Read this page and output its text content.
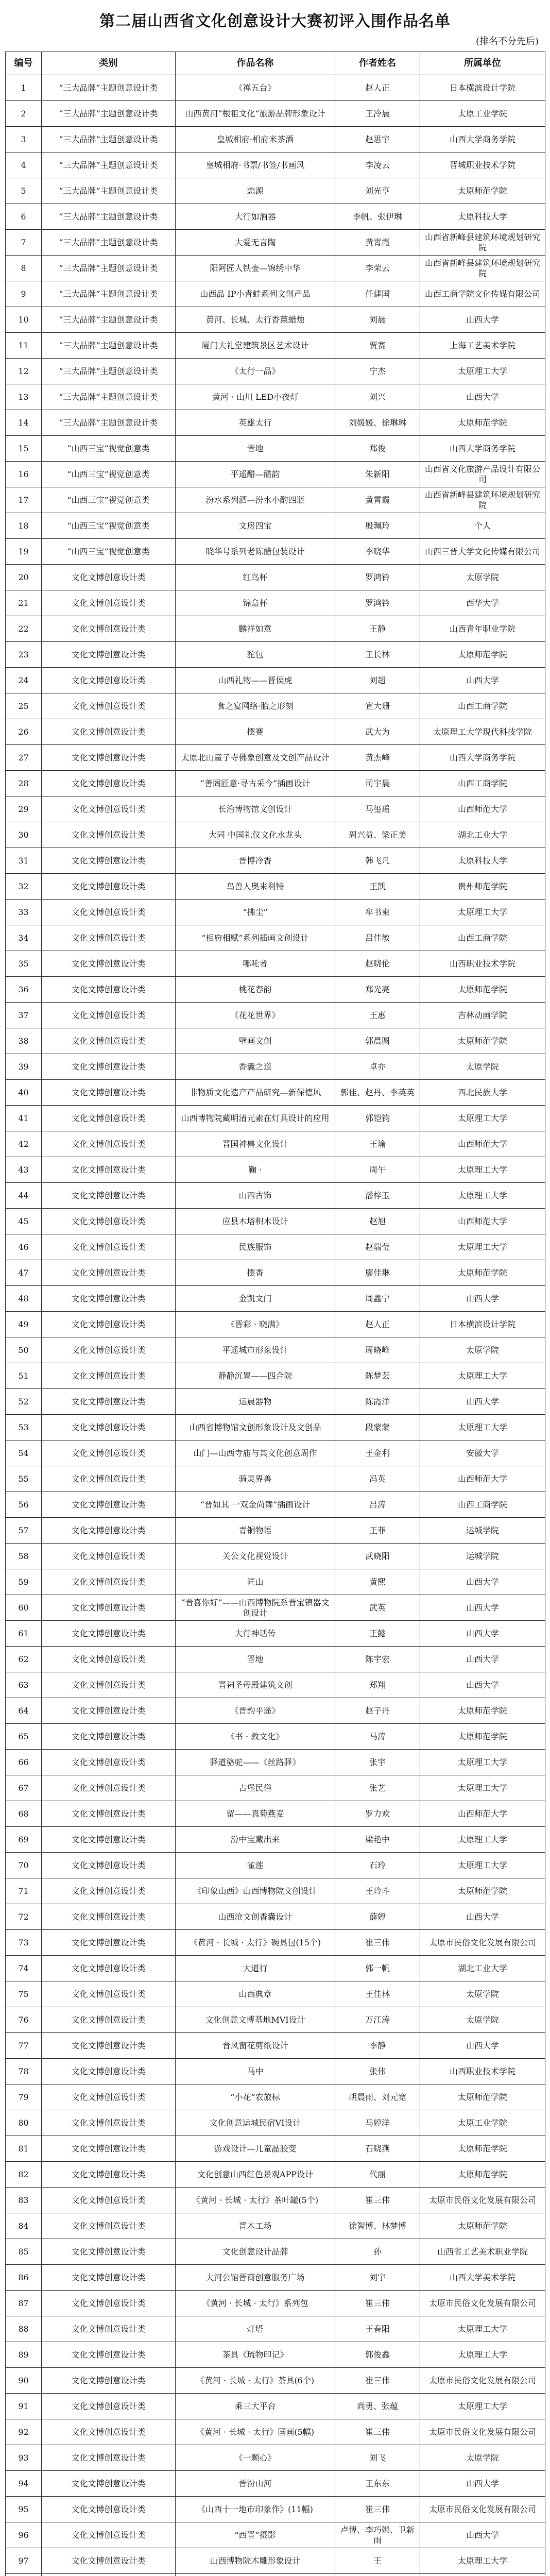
第二届山西省文化创意设计大赛初评入围作品名单
(排名不分先后)
编号	类别	作品名称	作者姓名	所属单位
1	“三大品牌”主题创意设计类	《禅五台》	赵人正	日本横滨设计学院
2	“三大品牌”主题创意设计类	山西黄河“根祖文化”旅游品牌形象设计	王冷晨	太原工业学院
3	“三大品牌”主题创意设计类	皇城相府·相府米茶酒	赵思宇	山西大学商务学院
4	“三大品牌”主题创意设计类	皇城相府·书票/书签/书画风	李凌云	晋城职业技术学院
5	“三大品牌”主题创意设计类	恋源	刘光亨	太原师范学院
6	“三大品牌”主题创意设计类	大行如酒器	李帆、张伊琳	太原科技大学
7	“三大品牌”主题创意设计类	大爱无言陶	黄霄霞	山西省新峰县建筑环境规划研究院
8	“三大品牌”主题创意设计类	阳阿匠人铁壶—锦绣中华	李荣云	山西省新峰县建筑环境规划研究院
9	“三大品牌”主题创意设计类	山西品 IP小青蛙系列文创产品	任建国	山西工商学院文化传媒有限公司
10	“三大品牌”主题创意设计类	黄河、长城、太行香薰蜡烛	刘晨	山西大学
11	“三大品牌”主题创意设计类	厦门大礼堂建筑景区艺术设计	贾赛	上海工艺美术学院
12	“三大品牌”主题创意设计类	《太行一品》	宁杰	太原理工大学
13	“三大品牌”主题创意设计类	黄河 · 山川 LED小夜灯	刘兴	山西大学
14	“三大品牌”主题创意设计类	英雄太行	刘媛媛、徐琳琳	太原师范学院
15	“山西三宝”视觉创意类	晋地	郑俊	山西大学商务学院
16	“山西三宝”视觉创意类	平遥醋—醋韵	朱新阳	山西省文化旅游产品设计有限公司
17	“山西三宝”视觉创意类	汾水系列酒—汾水小酌四瓶	黄霄霞	山西省新峰县建筑环境规划研究院
18	“山西三宝”视觉创意类	文房四宝	殷珮玲	个人
19	“山西三宝”视觉创意类	晓华号系列老陈醋包装设计	李晓华	山西三晋大学文化传媒有限公司
20	文化文博创意设计类	红鸟杯	罗鸿钤	太原学院
21	文化文博创意设计类	锦盒杯	罗鸿钤	西华大学
22	文化文博创意设计类	麟祥如意	王静	山西青年职业学院
23	文化文博创意设计类	驼包	王长林	太原师范学院
24	文化文博创意设计类	山西礼物——晋侯虎	刘超	山西大学
25	文化文博创意设计类	食之宴网络·胎之形刻	宣大珊	山西工商学院
26	文化文博创意设计类	摆赛	武大为	太原理工大学现代科技学院
27	文化文博创意设计类	太原北山童子寺佛象创意及文创产品设计	黄杰峰	山西大学商务学院
28	文化文博创意设计类	“善阁匠意·寻古采今”插画设计	司宇晨	山西工商学院
29	文化文博创意设计类	长治博物馆文创设计	马玺瑶	山西师范大学
30	文化文博创意设计类	大同 中国礼仪文化水龙头	周兴益、梁正美	湖北工业大学
31	文化文博创意设计类	晋博冷香	韩飞凡	太原科技大学
32	文化文博创意设计类	鸟兽人奥来利特	王凯	贵州师范学院
33	文化文博创意设计类	“拂尘”	牟书柬	太原理工大学
34	文化文博创意设计类	“相府相赋”系列插画文创设计	吕佳敏	山西工商学院
35	文化文博创意设计类	哪吒者	赵晓伦	山西职业技术学院
36	文化文博创意设计类	桃花春韵	郑光亮	太原师范学院
37	文化文博创意设计类	《花花世界》	王惠	吉林动画学院
38	文化文博创意设计类	壁画文创	郭晨圆	太原师范学院
39	文化文博创意设计类	香囊之道	卓亦	太原学院
40	文化文博创意设计类	非物质文化遗产产品研究—新保德风	郭佳、赵丹、李英英	西北民族大学
41	文化文博创意设计类	山西博物院藏明清元素在灯具设计的应用	郭铠钧	太原理工大学
42	文化文博创意设计类	晋国神兽文化设计	王瑜	山西师范大学
43	文化文博创意设计类	鞠 ·	周午	太原理工大学
44	文化文博创意设计类	山西古饰	潘梓玉	太原理工大学
45	文化文博创意设计类	应县木塔积木设计	赵旭	山西师范大学
46	文化文博创意设计类	民族服饰	赵瑞莹	太原理工大学
47	文化文博创意设计类	摆香	廖佳琳	太原师范学院
48	文化文博创意设计类	金凯文门	周鑫宁	山西大学
49	文化文博创意设计类	《晋彩 · 晓满》	赵人正	日本横滨设计学院
50	文化文博创意设计类	平遥城市形象设计	周晓峰	太原学院
51	文化文博创意设计类	静静沉置——四合院	陈梦芸	太原理工大学
52	文化文博创意设计类	运晨器物	陈霞洋	山西大学
53	文化文博创意设计类	山西省博物馆文创形象设计及文创品	段蒙蒙	太原理工大学
54	文化文博创意设计类	山门—山西寺庙与其文化创意周作	王金利	安徽大学
55	文化文博创意设计类	骑灵界兽	冯英	山西师范大学
56	文化文博创意设计类	“晋如其 一双金尚舞”插画设计	吕涛	山西工商学院
57	文化文博创意设计类	青铜物语	王菲	运城学院
58	文化文博创意设计类	关公文化视觉设计	武晓阳	运城学院
59	文化文博创意设计类	匠山	黄熙	山西大学
60	文化文博创意设计类	“晋喜你好”——山西博物院系晋宝镇器文创设计	武英	山西大学
61	文化文博创意设计类	大行神话传	王懿	山西大学
62	文化文博创意设计类	晋地	陈宇宏	山西大学
63	文化文博创意设计类	晋祠圣母殿建筑文创	郑翔	山西大学
64	文化文博创意设计类	《晋韵平遥》	赵子丹	太原师范学院
65	文化文博创意设计类	《书 · 敦文化》	马涛	太原师范学院
66	文化文博创意设计类	驿道骆驼——《丝路驿》	张宇	太原理工大学
67	文化文博创意设计类	古堡民俗	张艺	太原理工大学
68	文化文博创意设计类	留——真菊燕麦	罗力欢	山西师范大学
69	文化文博创意设计类	汾中宝藏出来	梁艳中	太原理工大学
70	文化文博创意设计类	雀莲	石玲	太原理工大学
71	文化文博创意设计类	《印象山西》山西博物院文创设计	王玲斗	太原师范学院
72	文化文博创意设计类	山西沧文创香囊设计	薛婷	山西大学
73	文化文博创意设计类	《黄河 · 长城 · 太行》碗具包(15个)	崔三伟	太原市民俗文化发展有限公司
74	文化文博创意设计类	大道行	郭一帆	湖北工业大学
75	文化文博创意设计类	山西典章	王佳林	太原学院
76	文化文博创意设计类	文化创意文博基地MVI设计	万江涛	太原学院
77	文化文博创意设计类	晋风窗花剪纸设计	李静	山西大学
78	文化文博创意设计类	马中	张伟	山西职业技术学院
79	文化文博创意设计类	“小花”农旅标	胡晨雨、刘元宽	太原师范学院
80	文化文博创意设计类	文化创意运城民宿VI设计	马婷洋	太原工业学院
81	文化文博创意设计类	游戏设计—儿童晶胶变	石晓燕	太原师范学院
82	文化文博创意设计类	文化创意山西红色景观APP设计	代丽	太原师范学院
83	文化文博创意设计类	《黄河 · 长城 · 太行》茶叶罐(5个)	崔三伟	太原市民俗文化发展有限公司
84	文化文博创意设计类	晋木工场	徐智博、林梦博	太原师范学院
85	文化文博创意设计类	文化创意设计品牌	孙	山西省工艺美术职业学院
86	文化文博创意设计类	大河公馆晋商创意服务广场	刘宇	山西大学美术学院
87	文化文博创意设计类	《黄河 · 长城 · 太行》系列包	崔三伟	太原市民俗文化发展有限公司
88	文化文博创意设计类	灯塔	王春阳	太原理工大学
89	文化文博创意设计类	茶具《琉物印记》	郭俊鑫	太原理工大学
90	文化文博创意设计类	《黄河 · 长城 · 太行》茶具(6个)	崔三伟	太原市民俗文化发展有限公司
91	文化文博创意设计类	乘三大平台	尚勇、张蕴	太原理工大学
92	文化文博创意设计类	《黄河 · 长城 · 太行》国画(5幅)	崔三伟	太原市民俗文化发展有限公司
93	文化文博创意设计类	《一颗心》	刘飞	太原学院
94	文化文博创意设计类	晋汾山河	王东东	山西大学
95	文化文博创意设计类	《山西十一地市印象作》(11幅)	崔三伟	太原市民俗文化发展有限公司
96	文化文博创意设计类	“西晋”摄影	卢博、李巧嫣、卫新雨	山西大学
97	文化文博创意设计类	山西博物院木雕形象设计	王	太原理工大学
